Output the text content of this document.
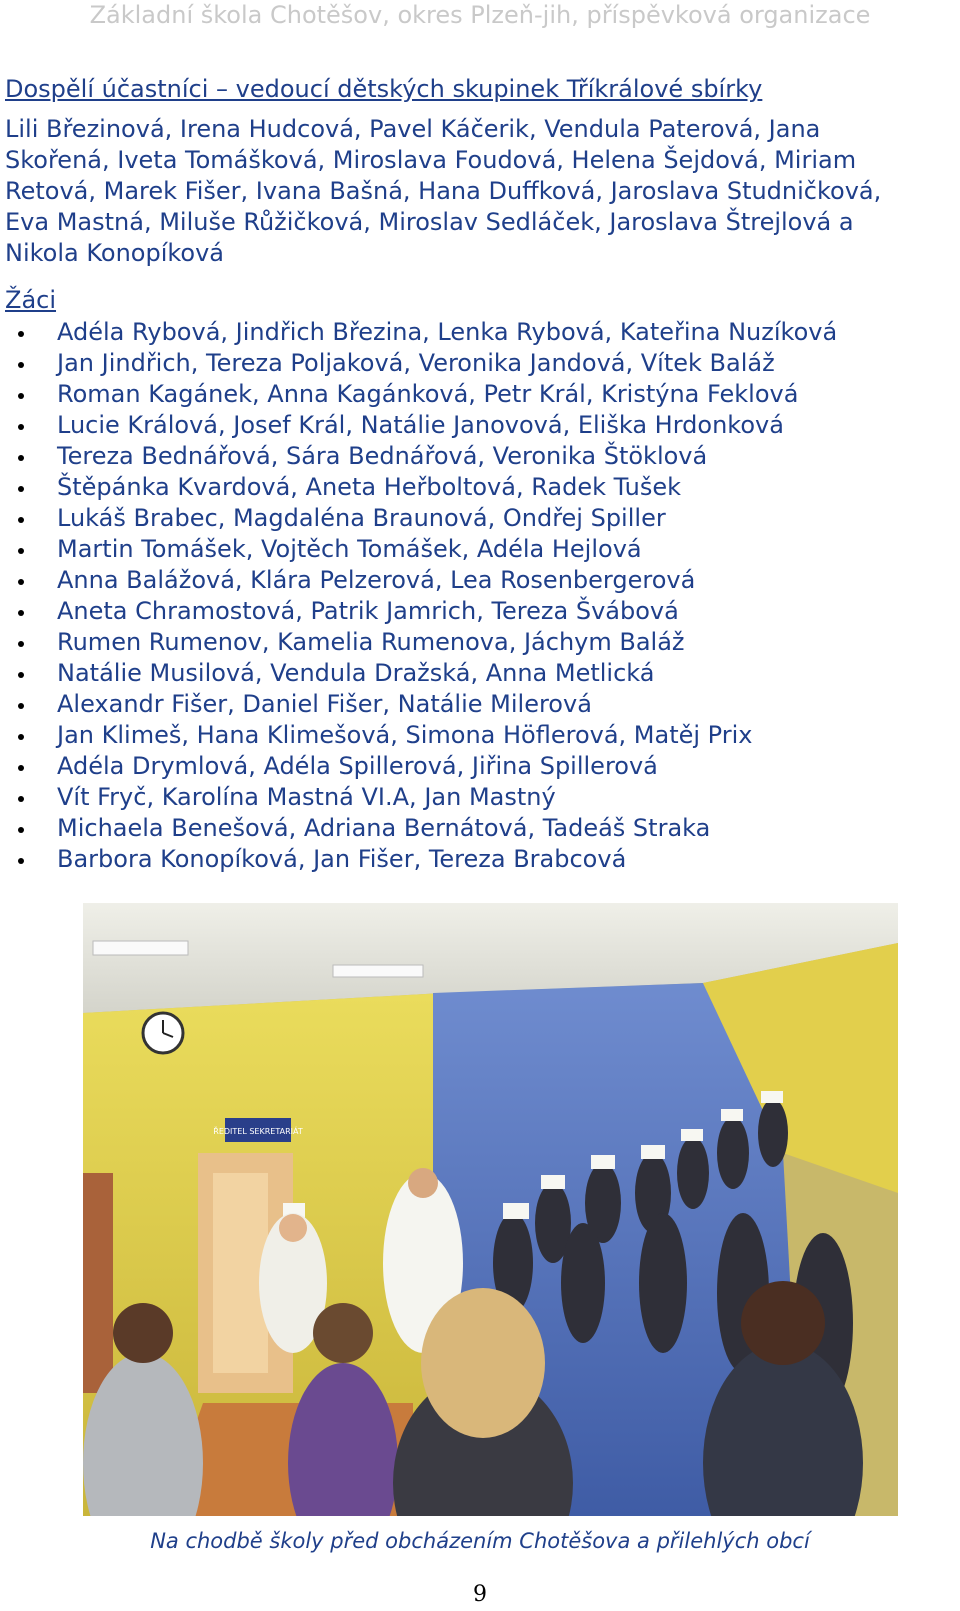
Základní škola Chotěšov, okres Plzeň-jih, příspěvková organizace
Dospělí účastníci – vedoucí dětských skupinek Tříkrálové sbírky
Lili Březinová, Irena Hudcová, Pavel Káčerik, Vendula Paterová, Jana
Skořená, Iveta Tomášková, Miroslava Foudová, Helena Šejdová, Miriam
Retová, Marek Fišer, Ivana Bašná, Hana Duffková, Jaroslava Studničková,
Eva Mastná, Miluše Růžičková, Miroslav Sedláček, Jaroslava Štrejlová a
Nikola Konopíková
Žáci
Adéla Rybová, Jindřich Březina, Lenka Rybová, Kateřina Nuzíková
Jan Jindřich, Tereza Poljaková, Veronika Jandová, Vítek Baláž
Roman Kagánek, Anna Kagánková, Petr Král, Kristýna Feklová
Lucie Králová, Josef Král, Natálie Janovová, Eliška Hrdonková
Tereza Bednářová, Sára Bednářová, Veronika Štöklová
Štěpánka Kvardová, Aneta Heřboltová, Radek Tušek
Lukáš Brabec, Magdaléna Braunová, Ondřej Spiller
Martin Tomášek, Vojtěch Tomášek, Adéla Hejlová
Anna Balážová, Klára Pelzerová, Lea Rosenbergerová
Aneta Chramostová, Patrik Jamrich, Tereza Švábová
Rumen Rumenov, Kamelia Rumenova, Jáchym Baláž
Natálie Musilová, Vendula Dražská, Anna Metlická
Alexandr Fišer, Daniel Fišer, Natálie Milerová
Jan Klimeš, Hana Klimešová, Simona Höflerová, Matěj Prix
Adéla Drymlová, Adéla Spillerová, Jiřina Spillerová
Vít Fryč, Karolína Mastná VI.A, Jan Mastný
Michaela Benešová, Adriana Bernátová, Tadeáš Straka
Barbora Konopíková, Jan Fišer, Tereza Brabcová
ŘEDITEL SEKRETARIÁT
Na chodbě školy před obcházením Chotěšova a přilehlých obcí
9
